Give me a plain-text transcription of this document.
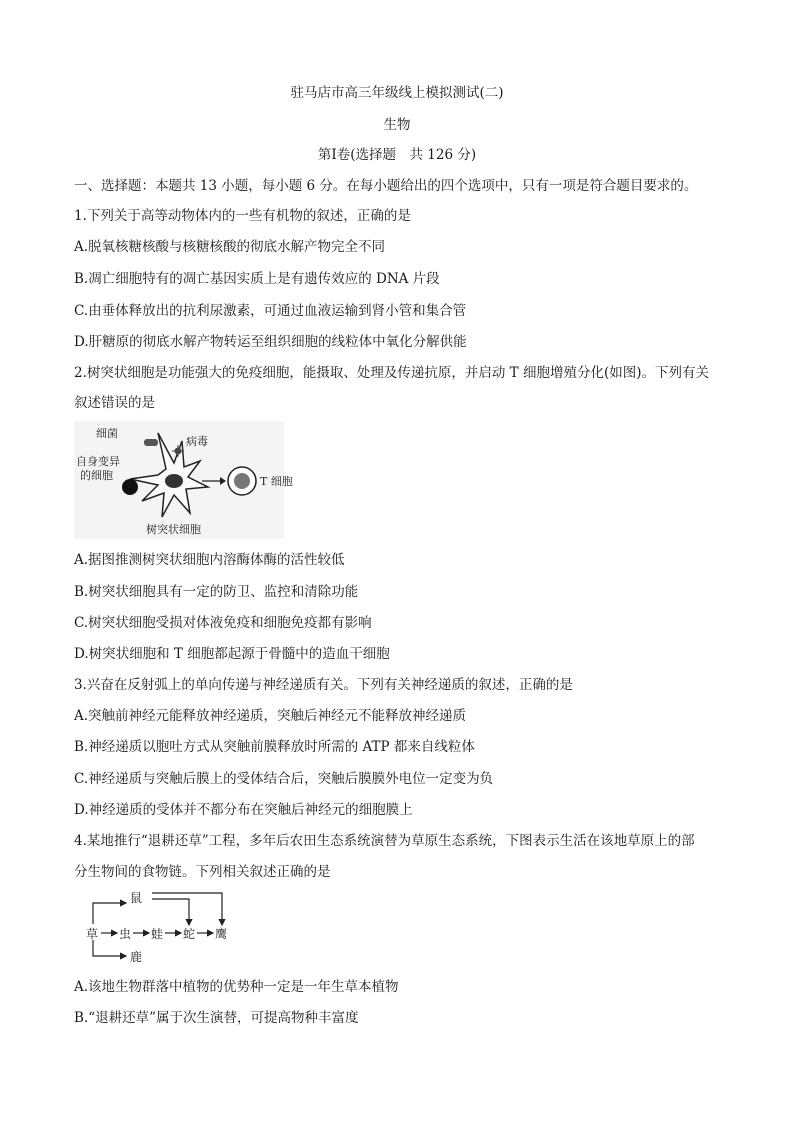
驻马店市高三年级线上模拟测试(二)
生物
第Ⅰ卷(选择题　共 126 分)
一、选择题：本题共 13 小题，每小题 6 分。在每小题给出的四个选项中，只有一项是符合题目要求的。
1.下列关于高等动物体内的一些有机物的叙述，正确的是
A.脱氧核糖核酸与核糖核酸的彻底水解产物完全不同
B.凋亡细胞特有的凋亡基因实质上是有遗传效应的 DNA 片段
C.由垂体释放出的抗利尿激素，可通过血液运输到肾小管和集合管
D.肝糖原的彻底水解产物转运至组织细胞的线粒体中氧化分解供能
2.树突状细胞是功能强大的免疫细胞，能摄取、处理及传递抗原，并启动 T 细胞增殖分化(如图)。下列有关
叙述错误的是
细菌
病毒
自身变异
的细胞	T 细胞
树突状细胞
A.据图推测树突状细胞内溶酶体酶的活性较低
B.树突状细胞具有一定的防卫、监控和清除功能
C.树突状细胞受损对体液免疫和细胞免疫都有影响
D.树突状细胞和 T 细胞都起源于骨髓中的造血干细胞
3.兴奋在反射弧上的单向传递与神经递质有关。下列有关神经递质的叙述，正确的是
A.突触前神经元能释放神经递质，突触后神经元不能释放神经递质
B.神经递质以胞吐方式从突触前膜释放时所需的 ATP 都来自线粒体
C.神经递质与突触后膜上的受体结合后，突触后膜膜外电位一定变为负
D.神经递质的受体并不都分布在突触后神经元的细胞膜上
4.某地推行“退耕还草”工程，多年后农田生态系统演替为草原生态系统，下图表示生活在该地草原上的部
分生物间的食物链。下列相关叙述正确的是
草 虫 蛙 蛇 鹰
鼠
鹿
A.该地生物群落中植物的优势种一定是一年生草本植物
B.“退耕还草”属于次生演替，可提高物种丰富度
